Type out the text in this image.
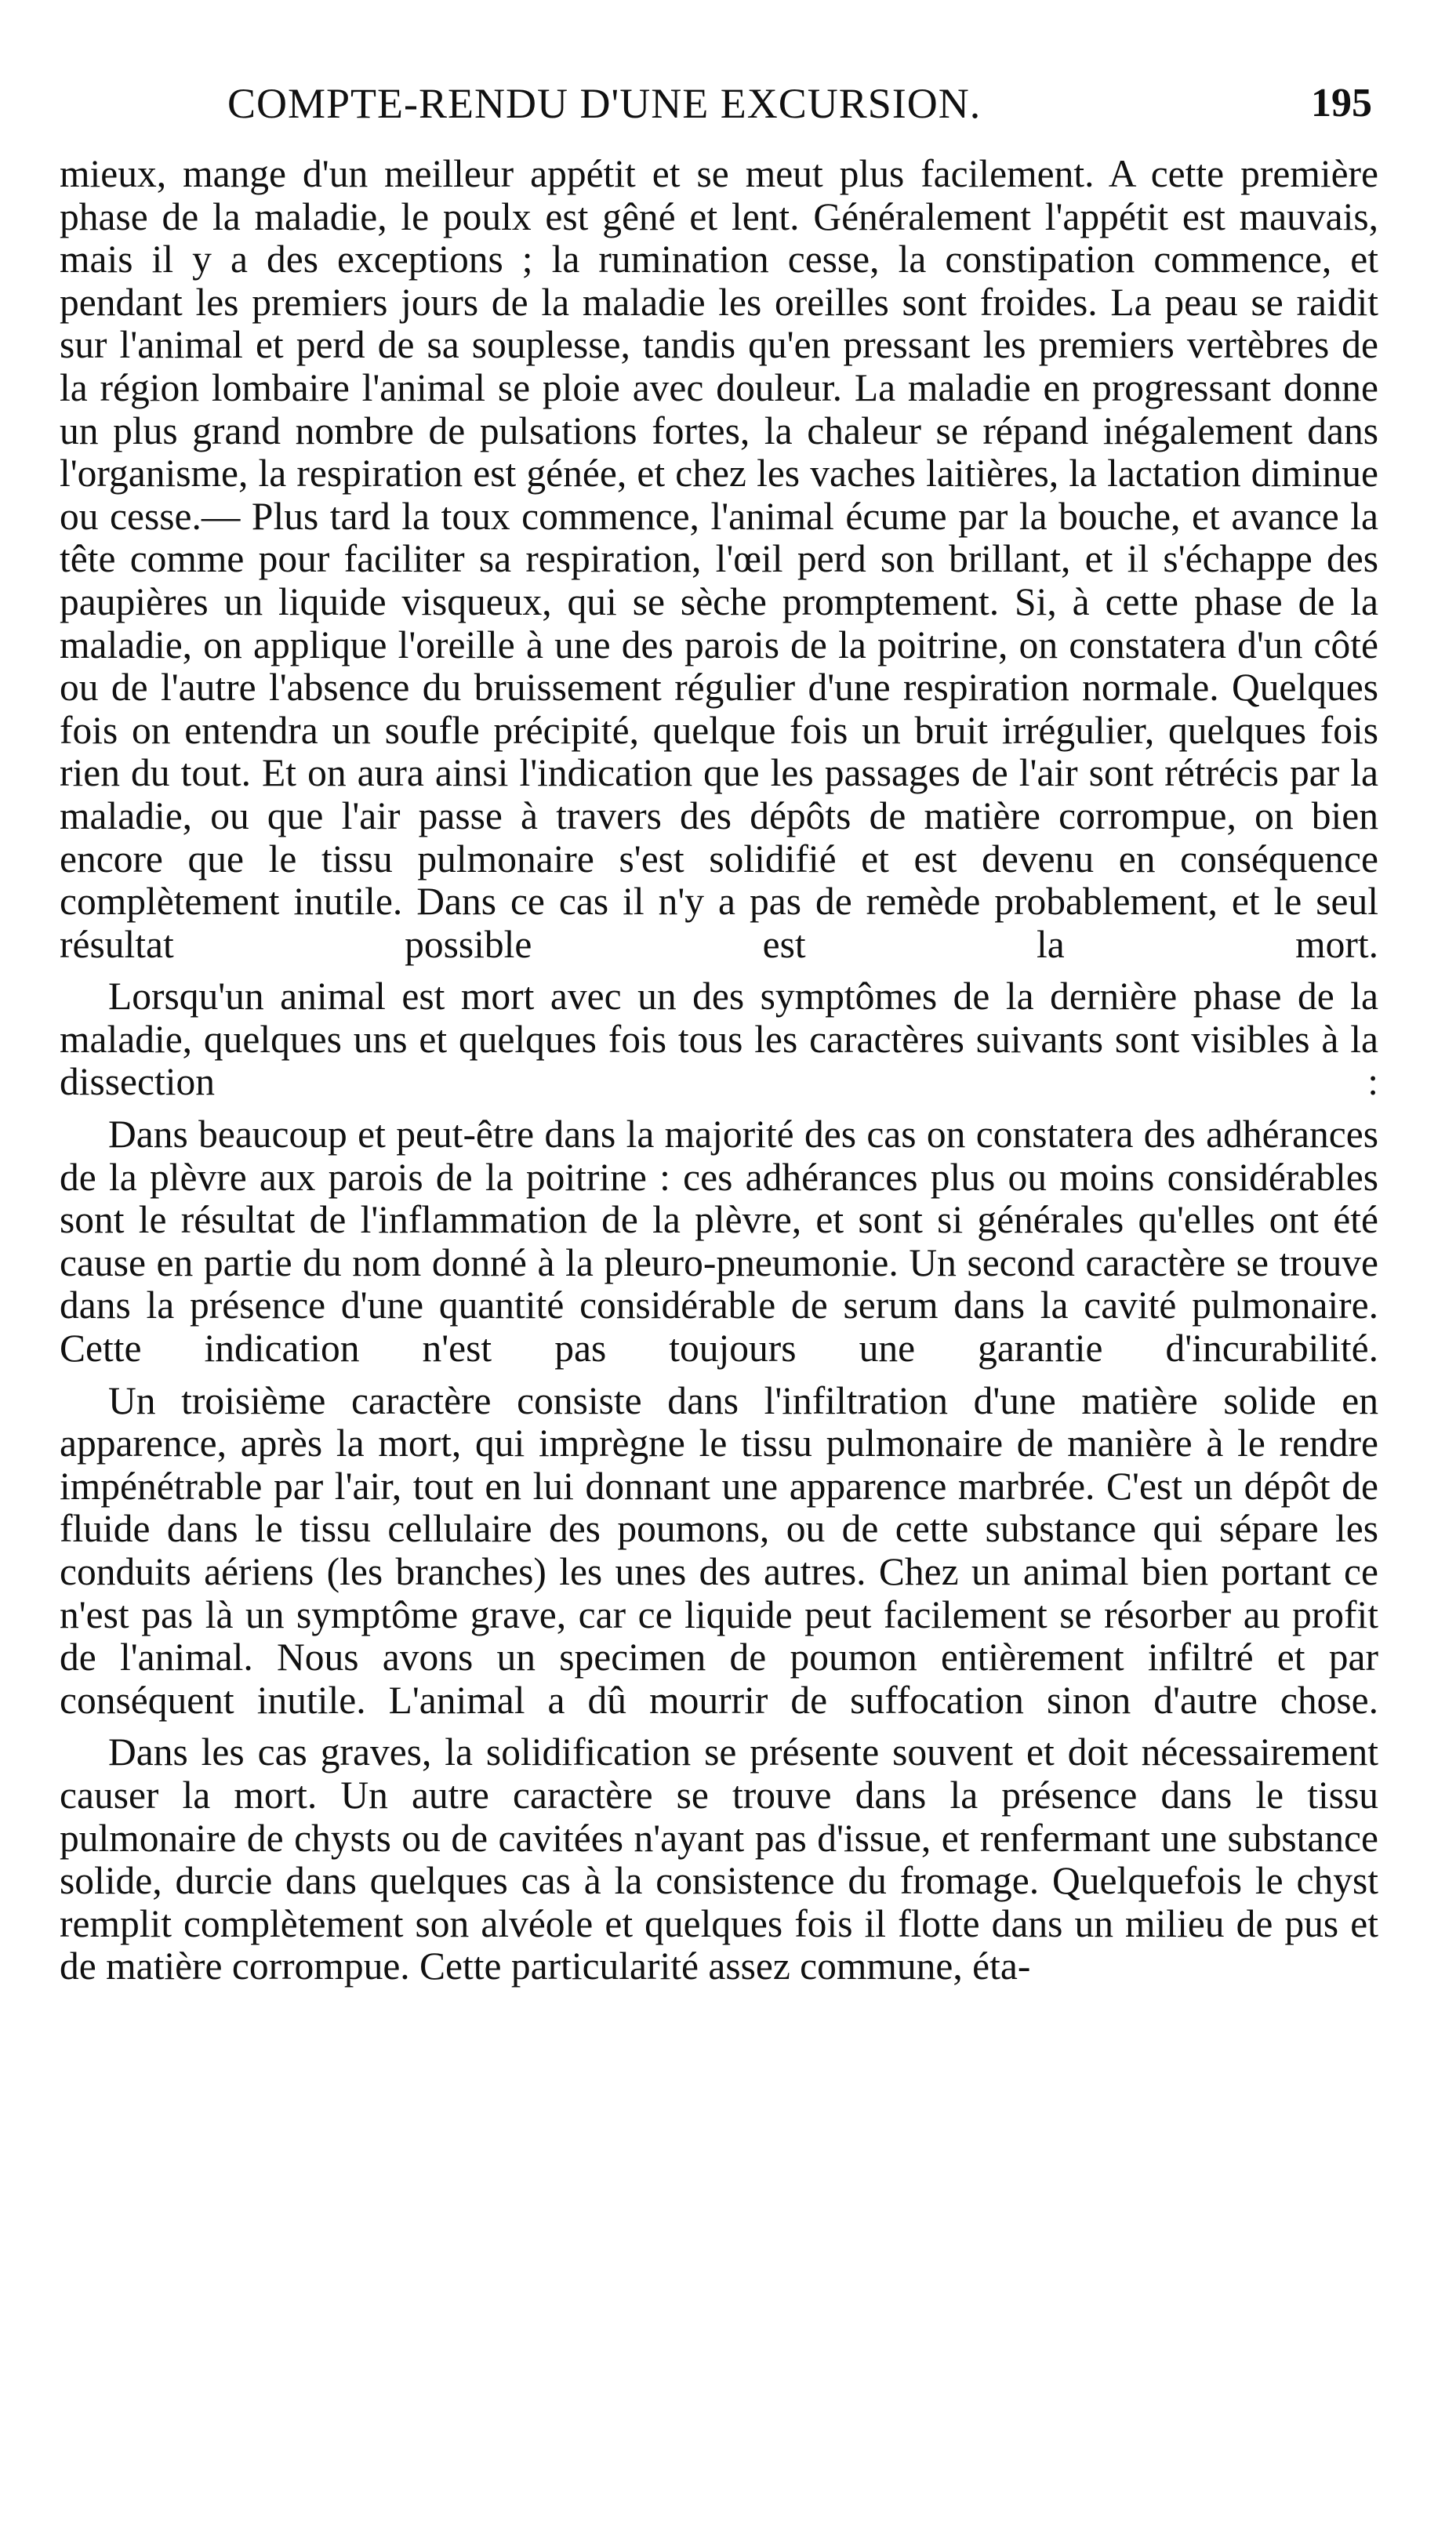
COMPTE-RENDU D'UNE EXCURSION.	195

mieux, mange d'un meilleur appétit et se meut plus facilement. A cette première phase de la maladie, le poulx est gêné et lent. Généralement l'appétit est mauvais, mais il y a des exceptions ; la rumination cesse, la constipation commence, et pendant les premiers jours de la maladie les oreilles sont froides. La peau se raidit sur l'animal et perd de sa souplesse, tandis qu'en pressant les premiers vertèbres de la région lombaire l'animal se ploie avec douleur. La maladie en progressant donne un plus grand nombre de pulsations fortes, la chaleur se répand inégalement dans l'organisme, la respiration est génée, et chez les vaches laitières, la lactation diminue ou cesse.— Plus tard la toux commence, l'animal écume par la bouche, et avance la tête comme pour faciliter sa respiration, l'œil perd son brillant, et il s'échappe des paupières un liquide visqueux, qui se sèche promptement. Si, à cette phase de la maladie, on applique l'oreille à une des parois de la poitrine, on constatera d'un côté ou de l'autre l'absence du bruissement régulier d'une respiration normale. Quelques fois on entendra un soufle précipité, quelque fois un bruit irrégulier, quelques fois rien du tout. Et on aura ainsi l'indication que les passages de l'air sont rétrécis par la maladie, ou que l'air passe à travers des dépôts de matière corrompue, on bien encore que le tissu pulmonaire s'est solidifié et est devenu en conséquence complètement inutile. Dans ce cas il n'y a pas de remède probablement, et le seul résultat possible est la mort.

Lorsqu'un animal est mort avec un des symptômes de la dernière phase de la maladie, quelques uns et quelques fois tous les caractères suivants sont visibles à la dissection :

Dans beaucoup et peut-être dans la majorité des cas on constatera des adhérances de la plèvre aux parois de la poitrine : ces adhérances plus ou moins considérables sont le résultat de l'inflammation de la plèvre, et sont si générales qu'elles ont été cause en partie du nom donné à la pleuro-pneumonie. Un second caractère se trouve dans la présence d'une quantité considérable de serum dans la cavité pulmonaire. Cette indication n'est pas toujours une garantie d'incurabilité.

Un troisième caractère consiste dans l'infiltration d'une matière solide en apparence, après la mort, qui imprègne le tissu pulmonaire de manière à le rendre impénétrable par l'air, tout en lui donnant une apparence marbrée. C'est un dépôt de fluide dans le tissu cellulaire des poumons, ou de cette substance qui sépare les conduits aériens (les branches) les unes des autres. Chez un animal bien portant ce n'est pas là un symptôme grave, car ce liquide peut facilement se résorber au profit de l'animal. Nous avons un specimen de poumon entièrement infiltré et par conséquent inutile. L'animal a dû mourrir de suffocation sinon d'autre chose.

Dans les cas graves, la solidification se présente souvent et doit nécessairement causer la mort. Un autre caractère se trouve dans la présence dans le tissu pulmonaire de chysts ou de cavitées n'ayant pas d'issue, et renfermant une substance solide, durcie dans quelques cas à la consistence du fromage. Quelquefois le chyst remplit complètement son alvéole et quelques fois il flotte dans un milieu de pus et de matière corrompue. Cette particularité assez commune, éta-
